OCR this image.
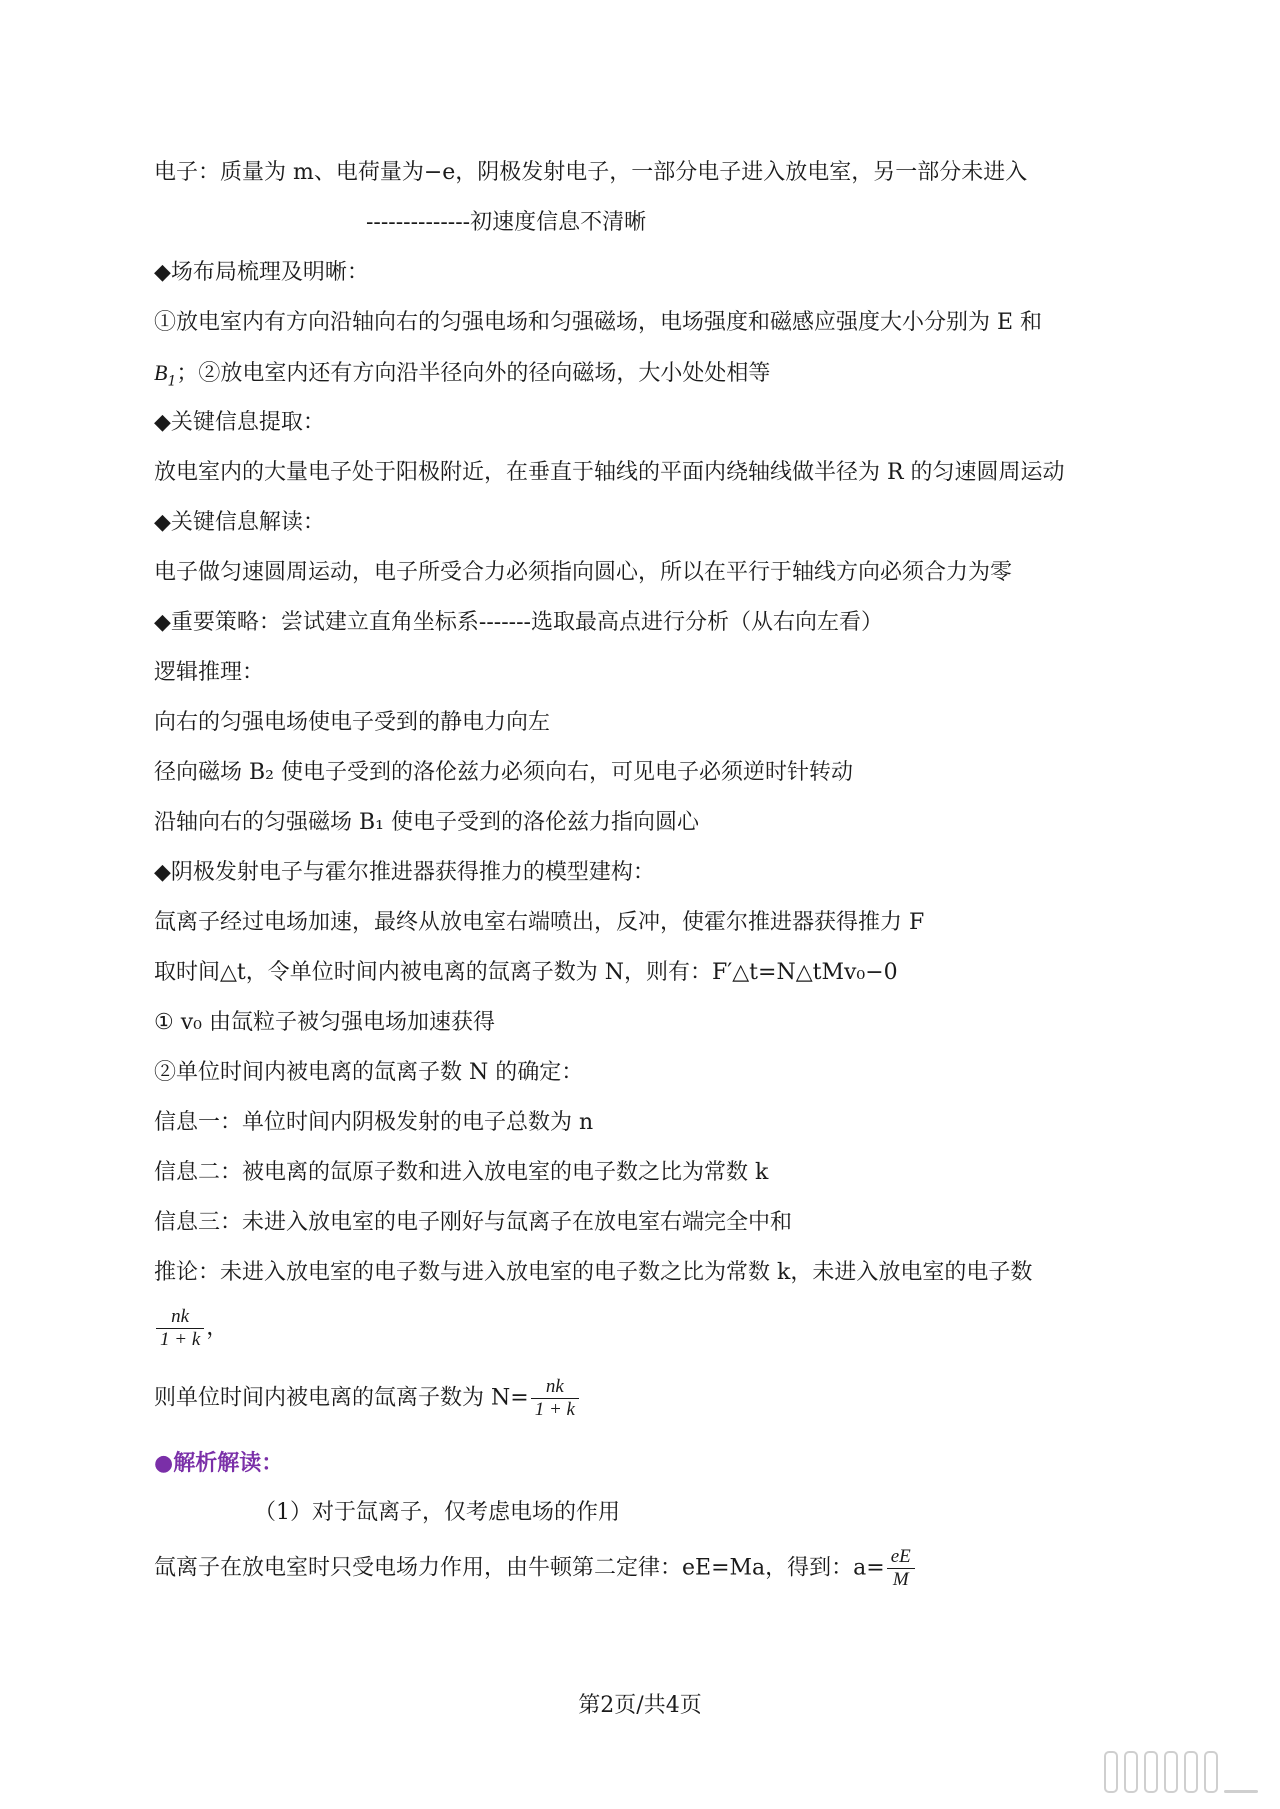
电子：质量为 m、电荷量为−e，阴极发射电子，一部分电子进入放电室，另一部分未进入
--------------初速度信息不清晰
◆场布局梳理及明晰：
①放电室内有方向沿轴向右的匀强电场和匀强磁场，电场强度和磁感应强度大小分别为 E 和
$B_1$；②放电室内还有方向沿半径向外的径向磁场，大小处处相等
◆关键信息提取：
放电室内的大量电子处于阳极附近，在垂直于轴线的平面内绕轴线做半径为 R 的匀速圆周运动
◆关键信息解读：
电子做匀速圆周运动，电子所受合力必须指向圆心，所以在平行于轴线方向必须合力为零
◆重要策略：尝试建立直角坐标系-------选取最高点进行分析（从右向左看）
逻辑推理：
向右的匀强电场使电子受到的静电力向左
径向磁场 B₂ 使电子受到的洛伦兹力必须向右，可见电子必须逆时针转动
沿轴向右的匀强磁场 B₁ 使电子受到的洛伦兹力指向圆心
◆阴极发射电子与霍尔推进器获得推力的模型建构：
氙离子经过电场加速，最终从放电室右端喷出，反冲，使霍尔推进器获得推力 F
取时间△t，令单位时间内被电离的氙离子数为 N，则有：F′△t=N△tMv₀−0
① v₀ 由氙粒子被匀强电场加速获得
②单位时间内被电离的氙离子数 N 的确定：
信息一：单位时间内阴极发射的电子总数为 n
信息二：被电离的氙原子数和进入放电室的电子数之比为常数 k
信息三：未进入放电室的电子刚好与氙离子在放电室右端完全中和
推论：未进入放电室的电子数与进入放电室的电子数之比为常数 k，未进入放电室的电子数
$\frac{nk}{1 + k}$ ，
则单位时间内被电离的氙离子数为 $N= \frac{nk}{1 + k}$
●解析解读：
（1）对于氙离子，仅考虑电场的作用
氙离子在放电室时只受电场力作用，由牛顿第二定律：eE=Ma，得到：$a= \frac{eE}{M}$
第2页/共4页
